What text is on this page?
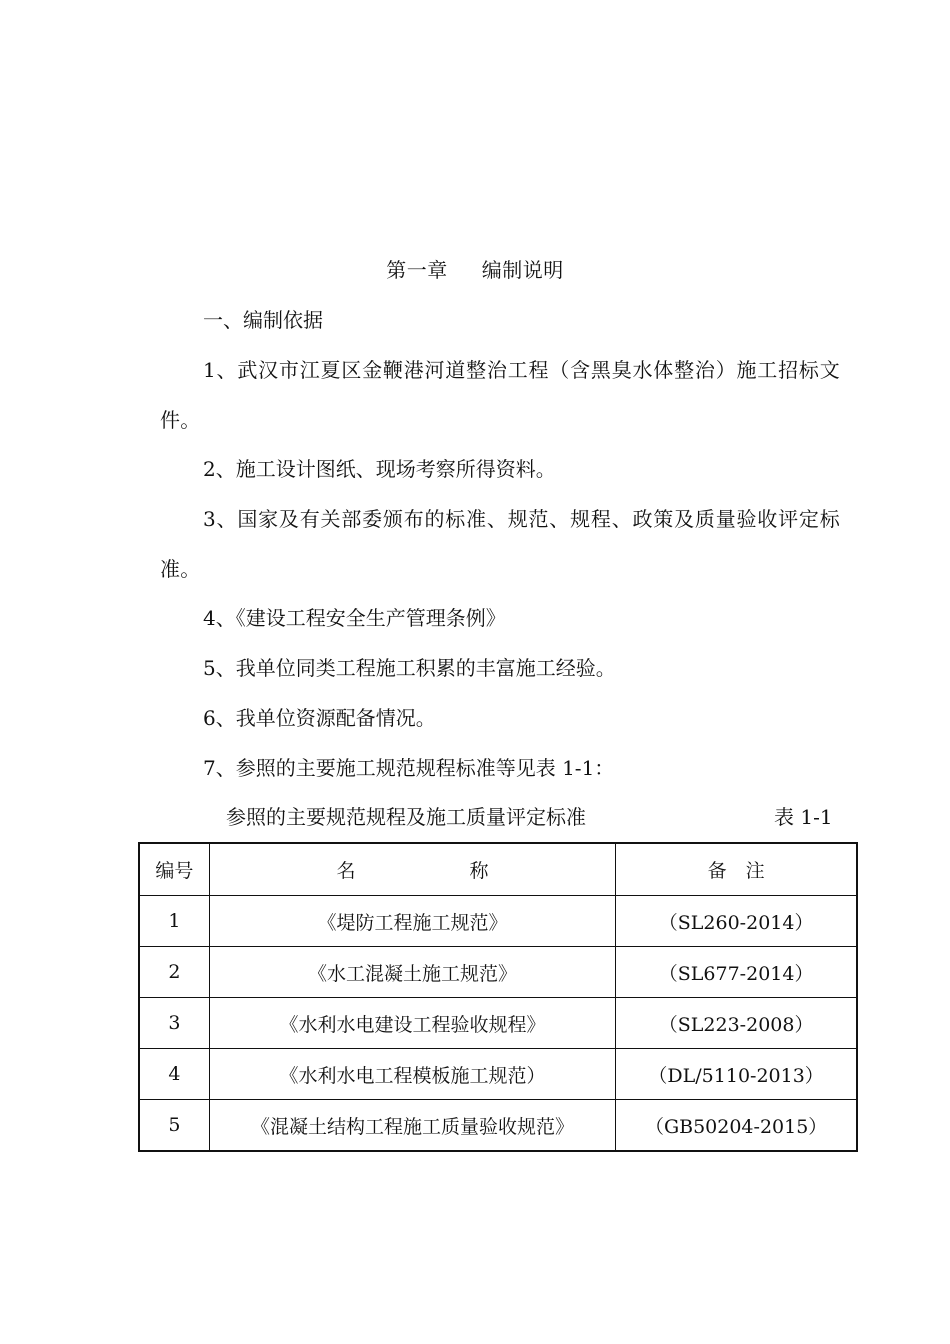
第一章 编制说明
一、编制依据
1、武汉市江夏区金鞭港河道整治工程（含黑臭水体整治）施工招标文件。
2、施工设计图纸、现场考察所得资料。
3、国家及有关部委颁布的标准、规范、规程、政策及质量验收评定标准。
4、《建设工程安全生产管理条例》
5、我单位同类工程施工积累的丰富施工经验。
6、我单位资源配备情况。
7、参照的主要施工规范规程标准等见表 1-1：
参照的主要规范规程及施工质量评定标准	表 1-1
编号	名　　　　　　称	备　注
1	《堤防工程施工规范》	（SL260-2014）
2	《水工混凝土施工规范》	（SL677-2014）
3	《水利水电建设工程验收规程》	（SL223-2008）
4	《水利水电工程模板施工规范）	（DL/5110-2013）
5	《混凝土结构工程施工质量验收规范》	（GB50204-2015）
